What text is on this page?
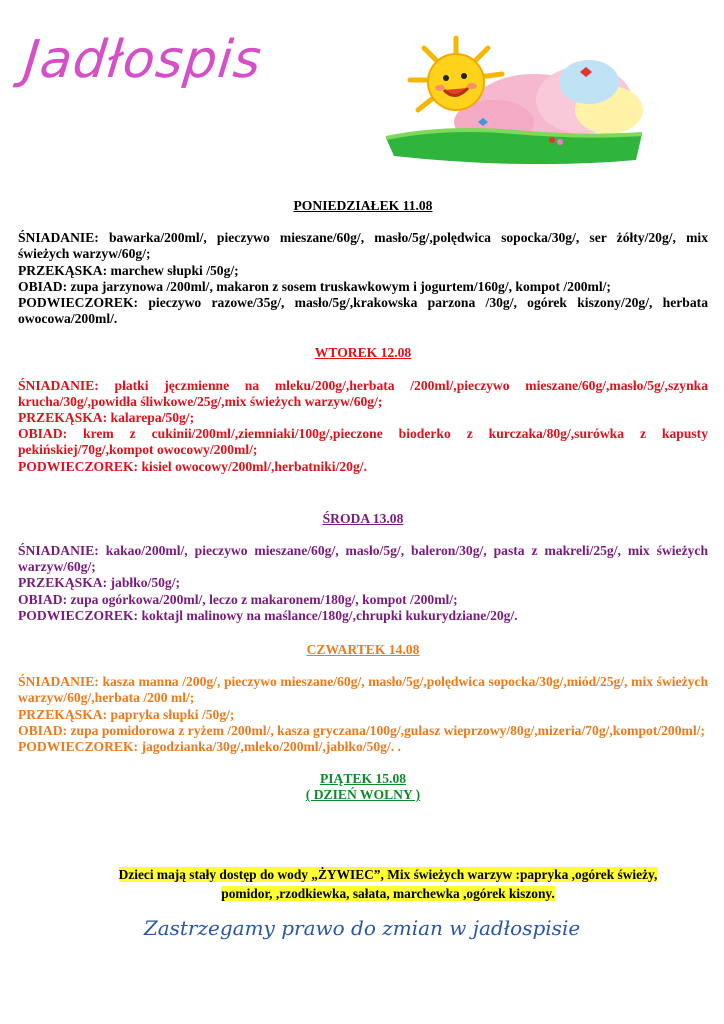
Jadłospis

PONIEDZIAŁEK 11.08

ŚNIADANIE: bawarka/200ml/, pieczywo mieszane/60g/, masło/5g/,polędwica sopocka/30g/, ser żółty/20g/, mix świeżych warzyw/60g/;

PRZEKĄSKA: marchew słupki /50g/;

OBIAD: zupa jarzynowa /200ml/, makaron z sosem truskawkowym i jogurtem/160g/, kompot /200ml/;

PODWIECZOREK: pieczywo razowe/35g/, masło/5g/,krakowska parzona /30g/, ogórek kiszony/20g/, herbata owocowa/200ml/.

WTOREK 12.08

ŚNIADANIE: płatki jęczmienne na mleku/200g/,herbata /200ml/,pieczywo mieszane/60g/,masło/5g/,szynka krucha/30g/,powidła śliwkowe/25g/,mix świeżych warzyw/60g/;

PRZEKĄSKA: kalarepa/50g/;

OBIAD: krem z cukinii/200ml/,ziemniaki/100g/,pieczone bioderko z kurczaka/80g/,surówka z kapusty pekińskiej/70g/,kompot owocowy/200ml/;

PODWIECZOREK: kisiel owocowy/200ml/,herbatniki/20g/.

ŚRODA 13.08

ŚNIADANIE: kakao/200ml/, pieczywo mieszane/60g/, masło/5g/, baleron/30g/, pasta z makreli/25g/, mix świeżych warzyw/60g/;

PRZEKĄSKA: jabłko/50g/;

OBIAD: zupa ogórkowa/200ml/, leczo z makaronem/180g/, kompot /200ml/;

PODWIECZOREK: koktajl malinowy na maślance/180g/,chrupki kukurydziane/20g/.

CZWARTEK 14.08

ŚNIADANIE: kasza manna /200g/, pieczywo mieszane/60g/, masło/5g/,polędwica sopocka/30g/,miód/25g/, mix świeżych warzyw/60g/,herbata /200 ml/;

PRZEKĄSKA: papryka słupki /50g/;

OBIAD: zupa pomidorowa z ryżem /200ml/, kasza gryczana/100g/,gulasz wieprzowy/80g/,mizeria/70g/,kompot/200ml/;

PODWIECZOREK: jagodzianka/30g/,mleko/200ml/,jabłko/50g/. .

PIĄTEK 15.08
( DZIEŃ WOLNY )
Dzieci mają stały dostęp do wody „ŻYWIEC”, Mix świeżych warzyw :papryka ,ogórek świeży,
pomidor, ,rzodkiewka, sałata, marchewka ,ogórek kiszony.
Zastrzegamy prawo do zmian w jadłospisie
